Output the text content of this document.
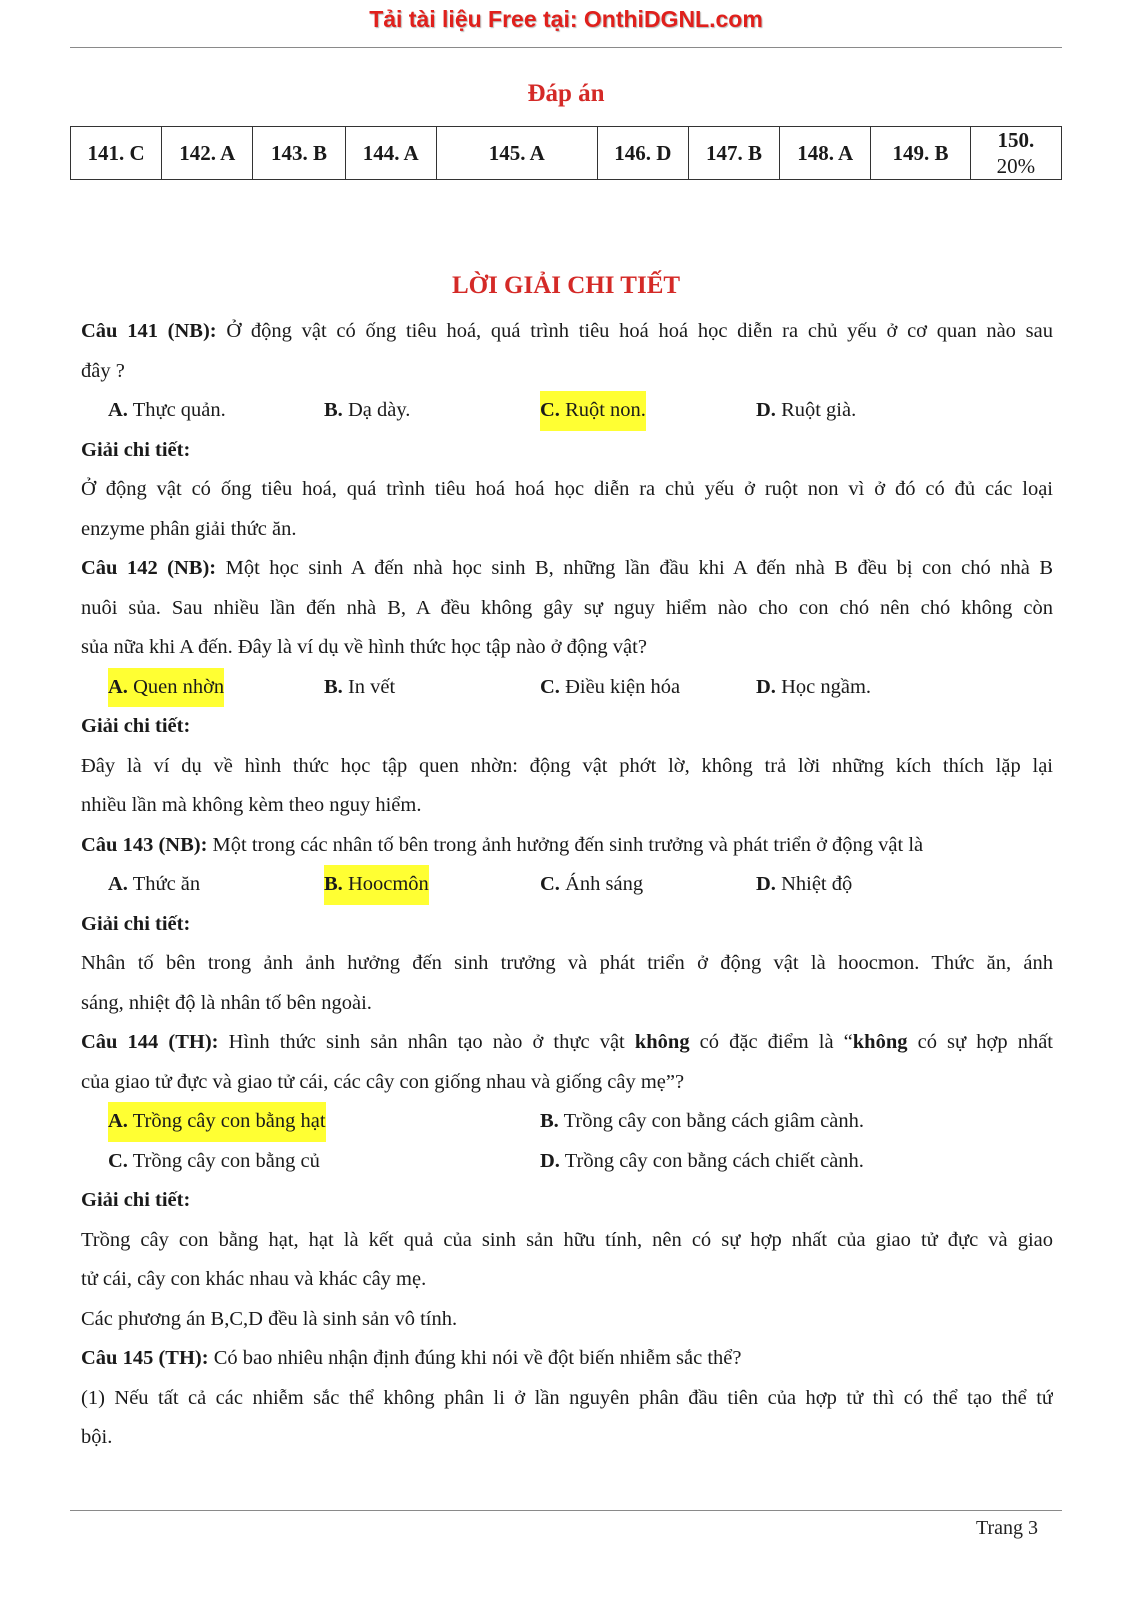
Tải tài liệu Free tại: OnthiDGNL.com
Đáp án
141. C	142. A	143. B	144. A	145. A	146. D	147. B	148. A	149. B	150.
20%
LỜI GIẢI CHI TIẾT
Câu 141 (NB): Ở động vật có ống tiêu hoá, quá trình tiêu hoá hoá học diễn ra chủ yếu ở cơ quan nào sau
đây ?
A. Thực quản.	B. Dạ dày.	C. Ruột non.	D. Ruột già.
Giải chi tiết:
Ở động vật có ống tiêu hoá, quá trình tiêu hoá hoá học diễn ra chủ yếu ở ruột non vì ở đó có đủ các loại
enzyme phân giải thức ăn.
Câu 142 (NB): Một học sinh A đến nhà học sinh B, những lần đầu khi A đến nhà B đều bị con chó nhà B
nuôi sủa. Sau nhiều lần đến nhà B, A đều không gây sự nguy hiểm nào cho con chó nên chó không còn
sủa nữa khi A đến. Đây là ví dụ về hình thức học tập nào ở động vật?
A. Quen nhờn	B. In vết	C. Điều kiện hóa	D. Học ngầm.
Giải chi tiết:
Đây là ví dụ về hình thức học tập quen nhờn: động vật phớt lờ, không trả lời những kích thích lặp lại
nhiều lần mà không kèm theo nguy hiểm.
Câu 143 (NB): Một trong các nhân tố bên trong ảnh hưởng đến sinh trưởng và phát triển ở động vật là
A. Thức ăn	B. Hoocmôn	C. Ánh sáng	D. Nhiệt độ
Giải chi tiết:
Nhân tố bên trong ảnh ảnh hưởng đến sinh trưởng và phát triển ở động vật là hoocmon. Thức ăn, ánh
sáng, nhiệt độ là nhân tố bên ngoài.
Câu 144 (TH): Hình thức sinh sản nhân tạo nào ở thực vật không có đặc điểm là “không có sự hợp nhất
của giao tử đực và giao tử cái, các cây con giống nhau và giống cây mẹ”?
A. Trồng cây con bằng hạt	B. Trồng cây con bằng cách giâm cành.
C. Trồng cây con bằng củ	D. Trồng cây con bằng cách chiết cành.
Giải chi tiết:
Trồng cây con bằng hạt, hạt là kết quả của sinh sản hữu tính, nên có sự hợp nhất của giao tử đực và giao
tử cái, cây con khác nhau và khác cây mẹ.
Các phương án B,C,D đều là sinh sản vô tính.
Câu 145 (TH): Có bao nhiêu nhận định đúng khi nói về đột biến nhiễm sắc thể?
(1) Nếu tất cả các nhiễm sắc thể không phân li ở lần nguyên phân đầu tiên của hợp tử thì có thể tạo thể tứ
bội.
Trang 3
